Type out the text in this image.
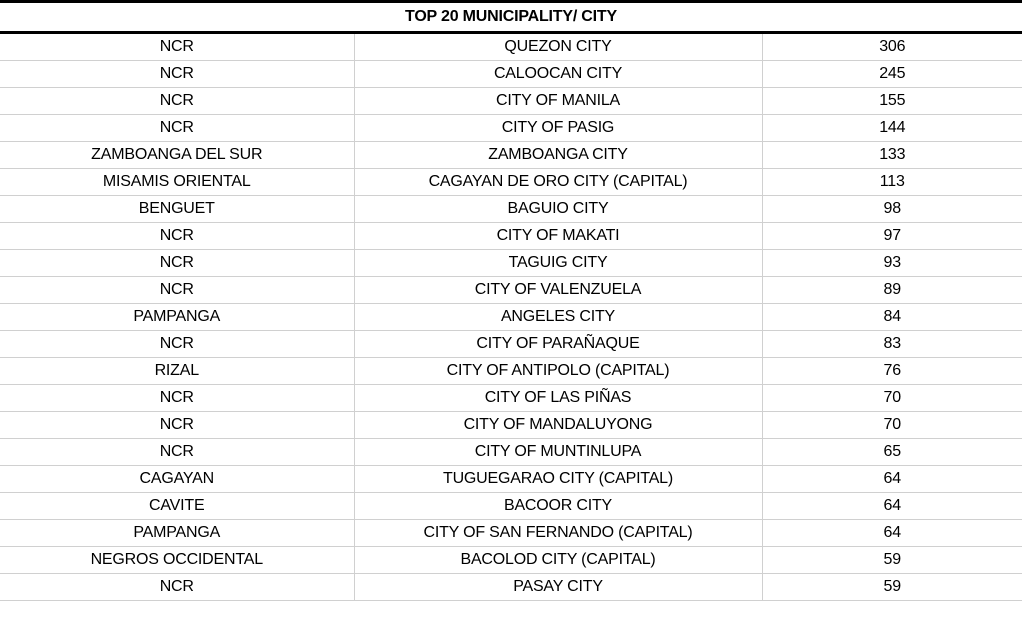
TOP 20 MUNICIPALITY/ CITY		
NCR	QUEZON CITY	306
NCR	CALOOCAN CITY	245
NCR	CITY OF MANILA	155
NCR	CITY OF PASIG	144
ZAMBOANGA DEL SUR	ZAMBOANGA CITY	133
MISAMIS ORIENTAL	CAGAYAN DE ORO CITY (CAPITAL)	113
BENGUET	BAGUIO CITY	98
NCR	CITY OF MAKATI	97
NCR	TAGUIG CITY	93
NCR	CITY OF VALENZUELA	89
PAMPANGA	ANGELES CITY	84
NCR	CITY OF PARAÑAQUE	83
RIZAL	CITY OF ANTIPOLO (CAPITAL)	76
NCR	CITY OF LAS PIÑAS	70
NCR	CITY OF MANDALUYONG	70
NCR	CITY OF MUNTINLUPA	65
CAGAYAN	TUGUEGARAO CITY (CAPITAL)	64
CAVITE	BACOOR CITY	64
PAMPANGA	CITY OF SAN FERNANDO (CAPITAL)	64
NEGROS OCCIDENTAL	BACOLOD CITY (CAPITAL)	59
NCR	PASAY CITY	59
